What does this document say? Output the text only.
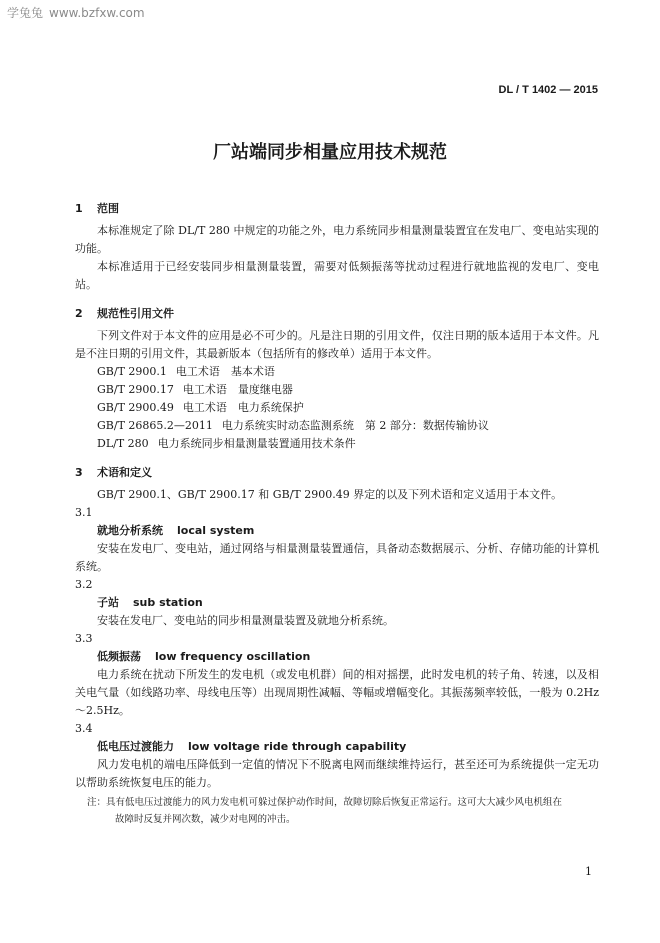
学兔兔 www.bzfxw.com
DL / T 1402 — 2015
厂站端同步相量应用技术规范

1 范围

本标准规定了除 DL/T 280 中规定的功能之外，电力系统同步相量测量装置宜在发电厂、变电站实现的功能。

本标准适用于已经安装同步相量测量装置，需要对低频振荡等扰动过程进行就地监视的发电厂、变电站。

2 规范性引用文件

下列文件对于本文件的应用是必不可少的。凡是注日期的引用文件，仅注日期的版本适用于本文件。凡是不注日期的引用文件，其最新版本（包括所有的修改单）适用于本文件。

GB/T 2900.1 电工术语　基本术语

GB/T 2900.17 电工术语　量度继电器

GB/T 2900.49 电工术语　电力系统保护

GB/T 26865.2—2011 电力系统实时动态监测系统　第 2 部分：数据传输协议

DL/T 280 电力系统同步相量测量装置通用技术条件

3 术语和定义

GB/T 2900.1、GB/T 2900.17 和 GB/T 2900.49 界定的以及下列术语和定义适用于本文件。

3.1

就地分析系统 local system

安装在发电厂、变电站，通过网络与相量测量装置通信，具备动态数据展示、分析、存储功能的计算机系统。

3.2

子站 sub station

安装在发电厂、变电站的同步相量测量装置及就地分析系统。

3.3

低频振荡 low frequency oscillation

电力系统在扰动下所发生的发电机（或发电机群）间的相对摇摆，此时发电机的转子角、转速，以及相关电气量（如线路功率、母线电压等）出现周期性减幅、等幅或增幅变化。其振荡频率较低，一般为 0.2Hz～2.5Hz。

3.4

低电压过渡能力 low voltage ride through capability

风力发电机的端电压降低到一定值的情况下不脱离电网而继续维持运行，甚至还可为系统提供一定无功以帮助系统恢复电压的能力。

注：具有低电压过渡能力的风力发电机可躲过保护动作时间，故障切除后恢复正常运行。这可大大减少风电机组在
故障时反复并网次数，减少对电网的冲击。

1
